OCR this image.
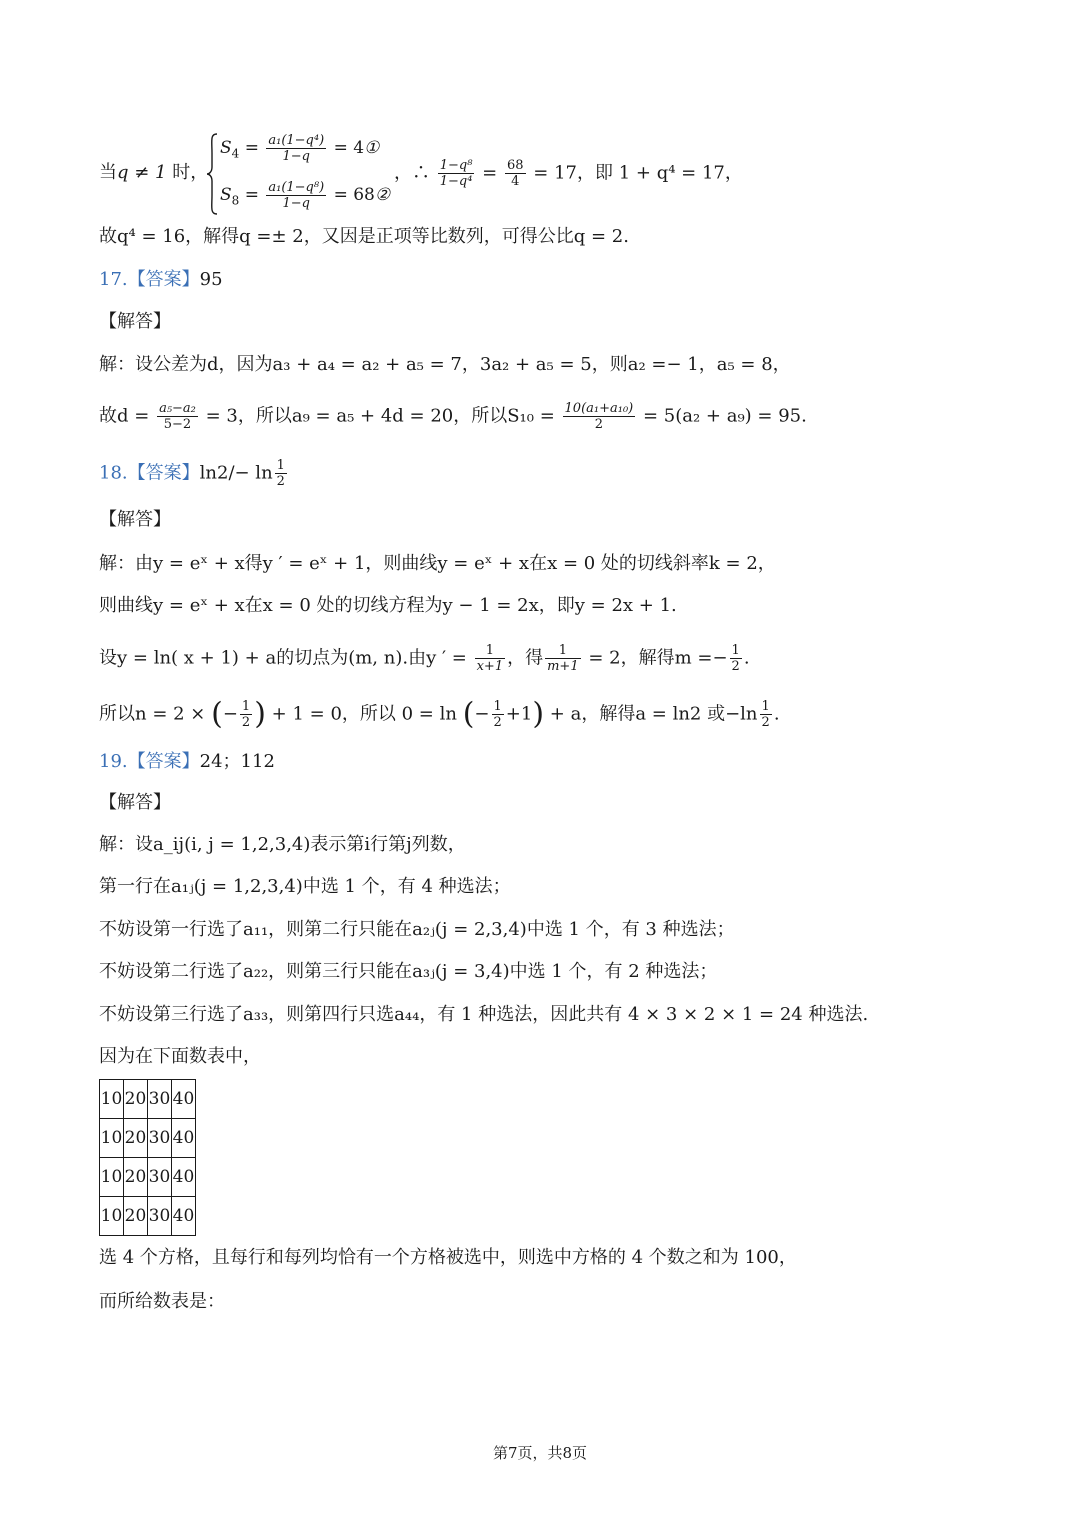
当q ≠ 1 时，
$S_4 = \frac{\text{a₁(1−q⁴)}}{1-q}$ = 4①
$S_8 = \frac{\text{a₁(1−q⁸)}}{1-q}$ = 68②
，∴ $\frac{\text{1−q⁸}}{\text{1−q⁴}} = \frac{68}{4} = 17$，即 1 + q⁴ = 17，
故q⁴ = 16，解得q =± 2，又因是正项等比数列，可得公比q = 2.
17.【答案】95
【解答】
解：设公差为d，因为a₃ + a₄ = a₂ + a₅ = 7，3a₂ + a₅ = 5，则a₂ =− 1，a₅ = 8，
故$d = \frac{\text{a₅−a₂}}{5-2} = 3$，所以a₉ = a₅ + 4d = 20，所以$S_{10} = \frac{\text{10(a₁+a₁₀)}}{2} = 5(a_2 + a_9) = 95$.
18.【答案】$\ln 2/- \ln \frac{1}{2}$
【解答】
解：由y = eˣ + x得y ′ = eˣ + 1，则曲线y = eˣ + x在x = 0 处的切线斜率k = 2，
则曲线y = eˣ + x在x = 0 处的切线方程为y − 1 = 2x，即y = 2x + 1.
设y = ln( x + 1) + a的切点为(m, n).由y ′ = $\frac{1}{x+1}$ ，得 $\frac{1}{m+1} = 2$，解得$m =- \frac{1}{2}$ .
所以n = 2 × (− $\frac{1}{2}$ ) + 1 = 0，所以 0 = ln (− $\frac{1}{2} +1) + a$，解得a = ln2 或$-\ln \frac{1}{2}$ .
19.【答案】24；112
【解答】
解：设a_ij(i, j = 1,2,3,4)表示第i行第j列数，
第一行在a₁ⱼ(j = 1,2,3,4)中选 1 个，有 4 种选法；
不妨设第一行选了a₁₁，则第二行只能在a₂ⱼ(j = 2,3,4)中选 1 个，有 3 种选法；
不妨设第二行选了a₂₂，则第三行只能在a₃ⱼ(j = 3,4)中选 1 个，有 2 种选法；
不妨设第三行选了a₃₃，则第四行只选a₄₄，有 1 种选法，因此共有 4 × 3 × 2 × 1 = 24 种选法.
因为在下面数表中，
10	20	30	40
10	20	30	40
10	20	30	40
10	20	30	40
选 4 个方格，且每行和每列均恰有一个方格被选中，则选中方格的 4 个数之和为 100，
而所给数表是：
第7页，共8页
